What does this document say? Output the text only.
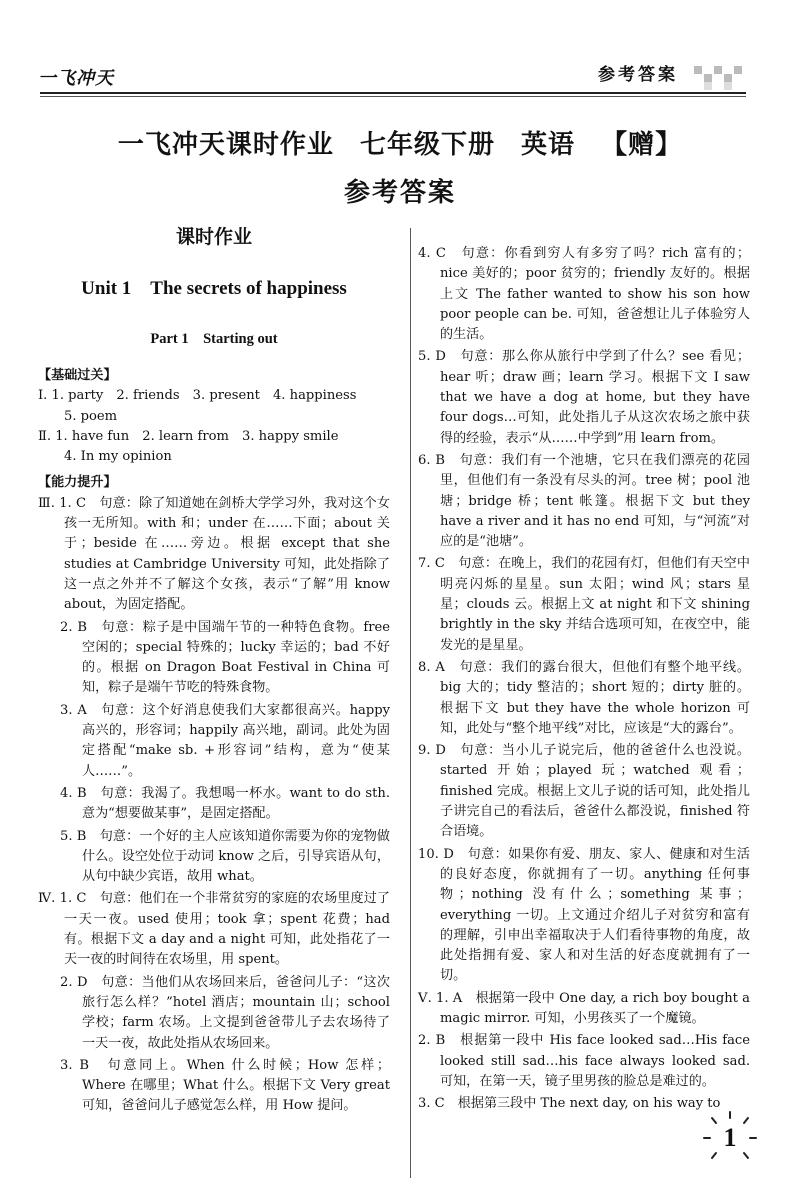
一飞冲天	参考答案
一飞冲天课时作业 七年级下册 英语 【赠】
参考答案
课时作业
Unit 1　The secrets of happiness
Part 1　Starting out
【基础过关】
Ⅰ. 1. party　2. friends　3. present　4. happiness
5. poem
Ⅱ. 1. have fun　2. learn from　3. happy smile
4. In my opinion
【能力提升】
Ⅲ. 1. C　句意：除了知道她在剑桥大学学习外，我对这个女孩一无所知。with 和；under 在……下面；about 关于；beside 在……旁边。根据 except that she studies at Cambridge University 可知，此处指除了这一点之外并不了解这个女孩，表示“了解”用 know about，为固定搭配。
2. B　句意：粽子是中国端午节的一种特色食物。free 空闲的；special 特殊的；lucky 幸运的；bad 不好的。根据 on Dragon Boat Festival in China 可知，粽子是端午节吃的特殊食物。
3. A　句意：这个好消息使我们大家都很高兴。happy 高兴的，形容词；happily 高兴地，副词。此处为固定搭配“make sb. +形容词”结构，意为“使某人……”。
4. B　句意：我渴了。我想喝一杯水。want to do sth. 意为“想要做某事”，是固定搭配。
5. B　句意：一个好的主人应该知道你需要为你的宠物做什么。设空处位于动词 know 之后，引导宾语从句，从句中缺少宾语，故用 what。
Ⅳ. 1. C　句意：他们在一个非常贫穷的家庭的农场里度过了一天一夜。used 使用；took 拿；spent 花费；had 有。根据下文 a day and a night 可知，此处指花了一天一夜的时间待在农场里，用 spent。
2. D　句意：当他们从农场回来后，爸爸问儿子：“这次旅行怎么样？”hotel 酒店；mountain 山；school 学校；farm 农场。上文提到爸爸带儿子去农场待了一天一夜，故此处指从农场回来。
3. B　句意同上。When 什么时候；How 怎样；Where 在哪里；What 什么。根据下文 Very great 可知，爸爸问儿子感觉怎么样，用 How 提问。
4. C　句意：你看到穷人有多穷了吗？rich 富有的；nice 美好的；poor 贫穷的；friendly 友好的。根据上文 The father wanted to show his son how poor people can be. 可知，爸爸想让儿子体验穷人的生活。
5. D　句意：那么你从旅行中学到了什么？see 看见；hear 听；draw 画；learn 学习。根据下文 I saw that we have a dog at home, but they have four dogs…可知，此处指儿子从这次农场之旅中获得的经验，表示“从……中学到”用 learn from。
6. B　句意：我们有一个池塘，它只在我们漂亮的花园里，但他们有一条没有尽头的河。tree 树；pool 池塘；bridge 桥；tent 帐篷。根据下文 but they have a river and it has no end 可知，与“河流”对应的是“池塘”。
7. C　句意：在晚上，我们的花园有灯，但他们有天空中明亮闪烁的星星。sun 太阳；wind 风；stars 星星；clouds 云。根据上文 at night 和下文 shining brightly in the sky 并结合选项可知，在夜空中，能发光的是星星。
8. A　句意：我们的露台很大，但他们有整个地平线。big 大的；tidy 整洁的；short 短的；dirty 脏的。根据下文 but they have the whole horizon 可知，此处与“整个地平线”对比，应该是“大的露台”。
9. D　句意：当小儿子说完后，他的爸爸什么也没说。started 开始；played 玩；watched 观看；finished 完成。根据上文儿子说的话可知，此处指儿子讲完自己的看法后，爸爸什么都没说，finished 符合语境。
10. D　句意：如果你有爱、朋友、家人、健康和对生活的良好态度，你就拥有了一切。anything 任何事物；nothing 没有什么；something 某事；everything 一切。上文通过介绍儿子对贫穷和富有的理解，引申出幸福取决于人们看待事物的角度，故此处指拥有爱、家人和对生活的好态度就拥有了一切。
Ⅴ. 1. A　根据第一段中 One day, a rich boy bought a magic mirror. 可知，小男孩买了一个魔镜。
2. B　根据第一段中 His face looked sad…His face looked still sad…his face always looked sad. 可知，在第一天，镜子里男孩的脸总是难过的。
3. C　根据第三段中 The next day, on his way to
1
